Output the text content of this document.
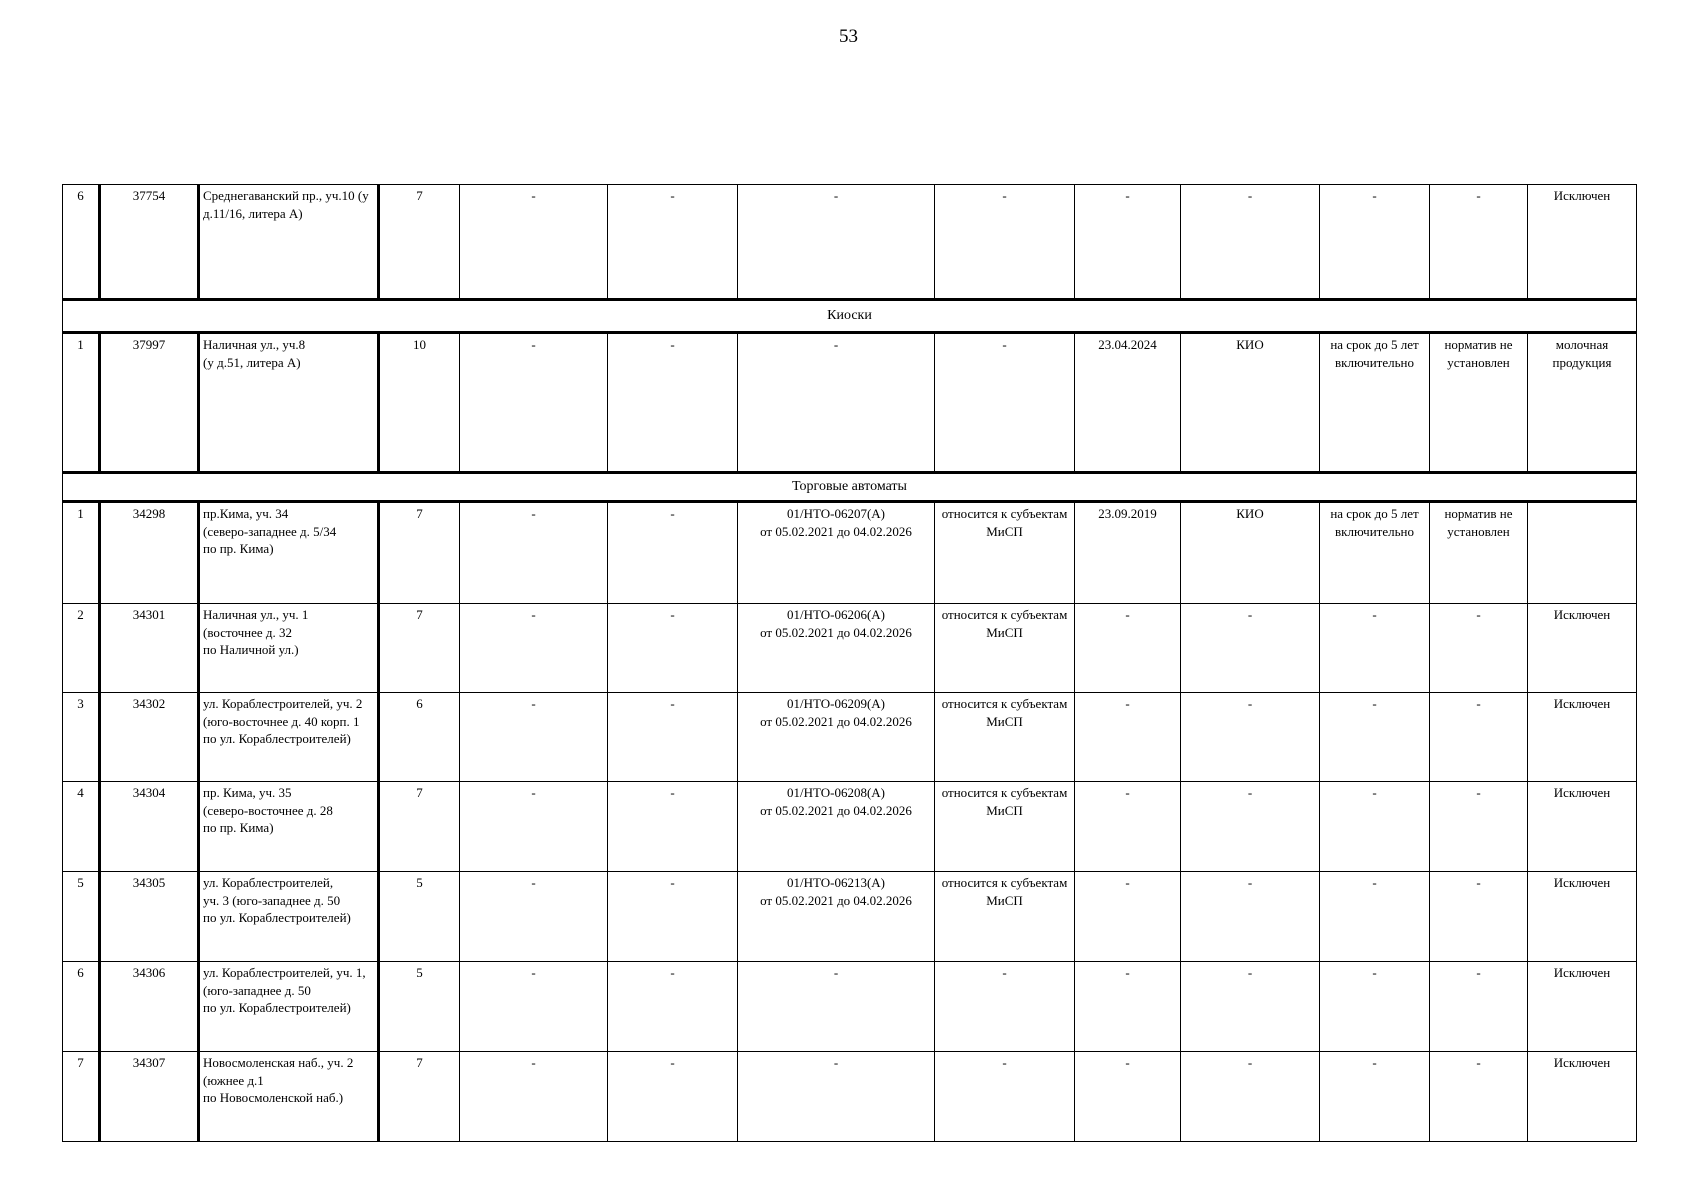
53
6	37754	Среднегаванский пр., уч.10 (у д.11/16, литера А)	7	-	-	-	-	-	-	-	-	Исключен
Киоски												
1	37997	Наличная ул., уч.8
(у д.51, литера А)	10	-	-	-	-	23.04.2024	КИО	на срок до 5 лет включительно	норматив не установлен	молочная продукция
Торговые автоматы												
1	34298	пр.Кима, уч. 34
(северо-западнее д. 5/34
по пр. Кима)	7	-	-	01/НТО-06207(А)
от 05.02.2021 до 04.02.2026	относится к субъектам МиСП	23.09.2019	КИО	на срок до 5 лет включительно	норматив не установлен	
2	34301	Наличная ул., уч. 1
(восточнее д. 32
по Наличной ул.)	7	-	-	01/НТО-06206(А)
от 05.02.2021 до 04.02.2026	относится к субъектам МиСП	-	-	-	-	Исключен
3	34302	ул. Кораблестроителей, уч. 2
(юго-восточнее д. 40 корп. 1
по ул. Кораблестроителей)	6	-	-	01/НТО-06209(А)
от 05.02.2021 до 04.02.2026	относится к субъектам МиСП	-	-	-	-	Исключен
4	34304	пр. Кима, уч. 35
(северо-восточнее д. 28
по пр. Кима)	7	-	-	01/НТО-06208(А)
от 05.02.2021 до 04.02.2026	относится к субъектам МиСП	-	-	-	-	Исключен
5	34305	ул. Кораблестроителей,
уч. 3 (юго-западнее д. 50
по ул. Кораблестроителей)	5	-	-	01/НТО-06213(А)
от 05.02.2021 до 04.02.2026	относится к субъектам МиСП	-	-	-	-	Исключен
6	34306	ул. Кораблестроителей, уч. 1,
(юго-западнее д. 50
по ул. Кораблестроителей)	5	-	-	-	-	-	-	-	-	Исключен
7	34307	Новосмоленская наб., уч. 2
(южнее д.1
по Новосмоленской наб.)	7	-	-	-	-	-	-	-	-	Исключен
